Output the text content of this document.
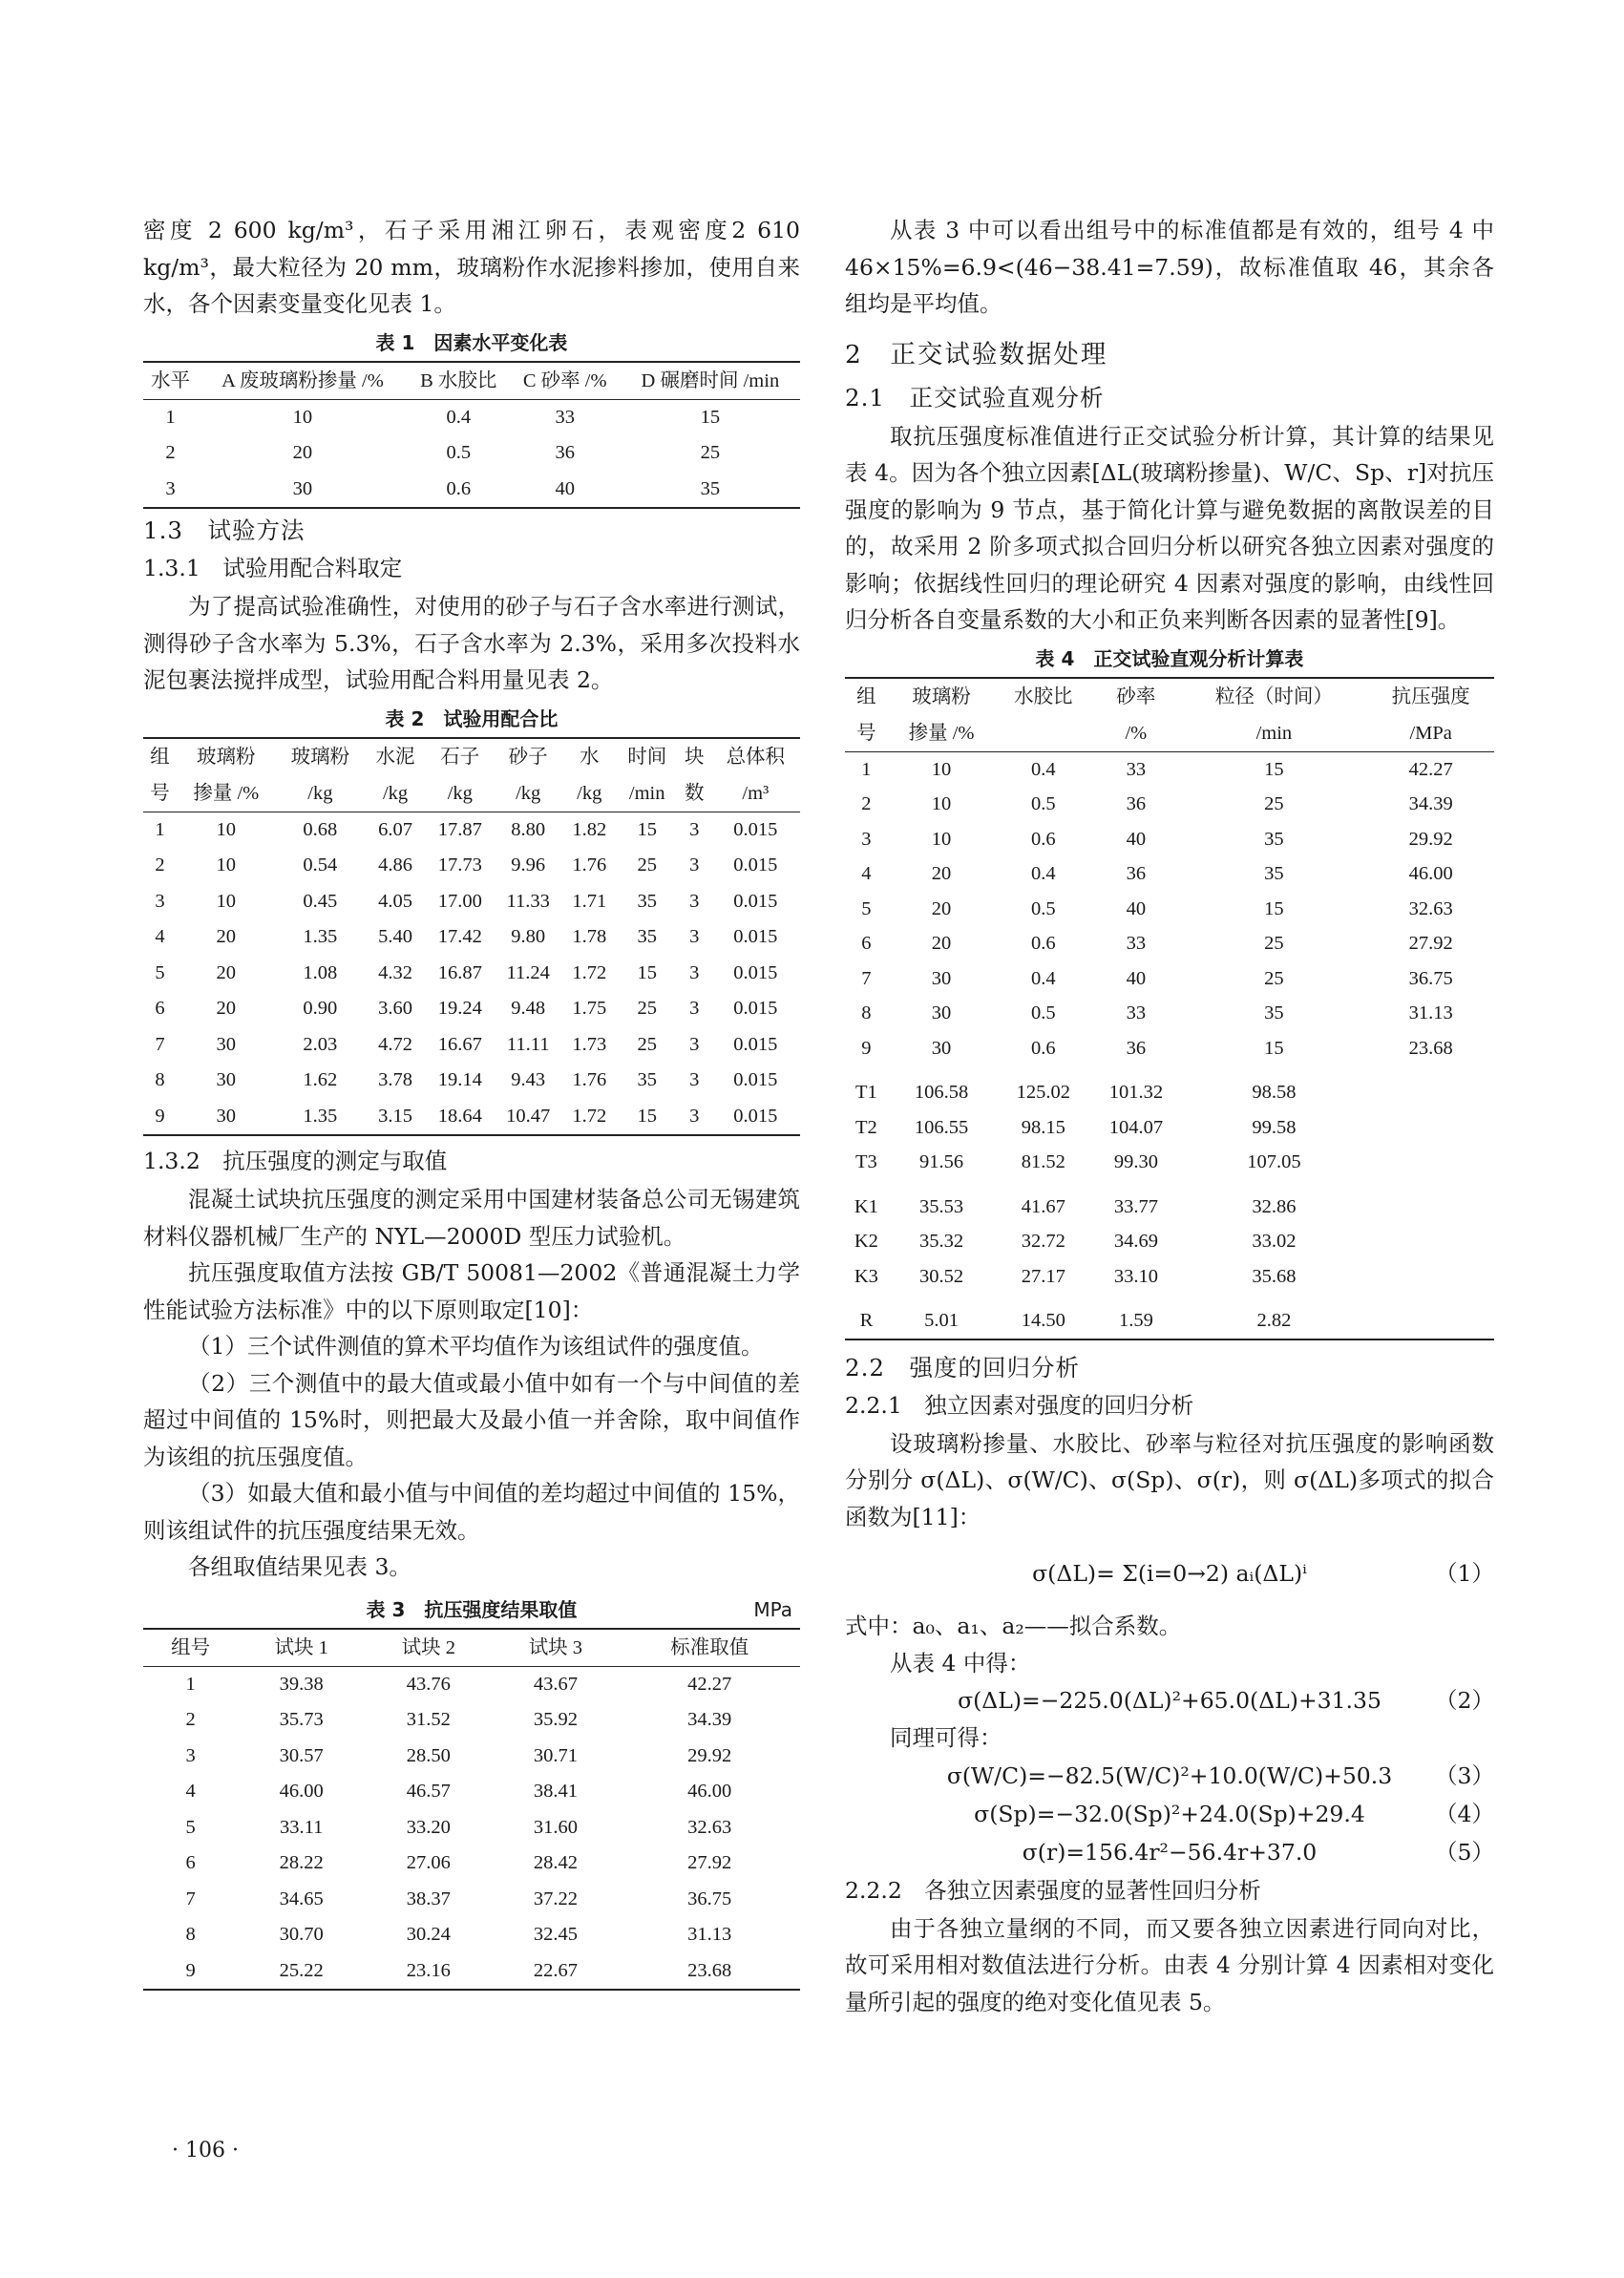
密度 2 600 kg/m³，石子采用湘江卵石，表观密度2 610 kg/m³，最大粒径为 20 mm，玻璃粉作水泥掺料掺加，使用自来水，各个因素变量变化见表 1。

表 1　因素水平变化表
水平	A 废玻璃粉掺量 /%	B 水胶比	C 砂率 /%	D 碾磨时间 /min
1	10	0.4	33	15
2	20	0.5	36	25
3	30	0.6	40	35
1.3　试验方法
1.3.1　试验用配合料取定

为了提高试验准确性，对使用的砂子与石子含水率进行测试，测得砂子含水率为 5.3%，石子含水率为 2.3%，采用多次投料水泥包裹法搅拌成型，试验用配合料用量见表 2。

表 2　试验用配合比
组	玻璃粉	玻璃粉	水泥	石子	砂子	水	时间	块	总体积
号	掺量 /%	/kg	/kg	/kg	/kg	/kg	/min	数	/m³
1	10	0.68	6.07	17.87	8.80	1.82	15	3	0.015
2	10	0.54	4.86	17.73	9.96	1.76	25	3	0.015
3	10	0.45	4.05	17.00	11.33	1.71	35	3	0.015
4	20	1.35	5.40	17.42	9.80	1.78	35	3	0.015
5	20	1.08	4.32	16.87	11.24	1.72	15	3	0.015
6	20	0.90	3.60	19.24	9.48	1.75	25	3	0.015
7	30	2.03	4.72	16.67	11.11	1.73	25	3	0.015
8	30	1.62	3.78	19.14	9.43	1.76	35	3	0.015
9	30	1.35	3.15	18.64	10.47	1.72	15	3	0.015
1.3.2　抗压强度的测定与取值

混凝土试块抗压强度的测定采用中国建材装备总公司无锡建筑材料仪器机械厂生产的 NYL—2000D 型压力试验机。

抗压强度取值方法按 GB/T 50081—2002《普通混凝土力学性能试验方法标准》中的以下原则取定[10]：

（1）三个试件测值的算术平均值作为该组试件的强度值。

（2）三个测值中的最大值或最小值中如有一个与中间值的差超过中间值的 15%时，则把最大及最小值一并舍除，取中间值作为该组的抗压强度值。

（3）如最大值和最小值与中间值的差均超过中间值的 15%，则该组试件的抗压强度结果无效。

各组取值结果见表 3。

表 3　抗压强度结果取值	MPa
组号	试块 1	试块 2	试块 3	标准取值
1	39.38	43.76	43.67	42.27
2	35.73	31.52	35.92	34.39
3	30.57	28.50	30.71	29.92
4	46.00	46.57	38.41	46.00
5	33.11	33.20	31.60	32.63
6	28.22	27.06	28.42	27.92
7	34.65	38.37	37.22	36.75
8	30.70	30.24	32.45	31.13
9	25.22	23.16	22.67	23.68

从表 3 中可以看出组号中的标准值都是有效的，组号 4 中 46×15%=6.9<(46−38.41=7.59)，故标准值取 46，其余各组均是平均值。

2　正交试验数据处理
2.1　正交试验直观分析

取抗压强度标准值进行正交试验分析计算，其计算的结果见表 4。因为各个独立因素[ΔL(玻璃粉掺量)、W/C、Sp、r]对抗压强度的影响为 9 节点，基于简化计算与避免数据的离散误差的目的，故采用 2 阶多项式拟合回归分析以研究各独立因素对强度的影响；依据线性回归的理论研究 4 因素对强度的影响，由线性回归分析各自变量系数的大小和正负来判断各因素的显著性[9]。

表 4　正交试验直观分析计算表
组	玻璃粉	水胶比	砂率	粒径（时间）	抗压强度
号	掺量 /%		/%	/min	/MPa
1	10	0.4	33	15	42.27
2	10	0.5	36	25	34.39
3	10	0.6	40	35	29.92
4	20	0.4	36	35	46.00
5	20	0.5	40	15	32.63
6	20	0.6	33	25	27.92
7	30	0.4	40	25	36.75
8	30	0.5	33	35	31.13
9	30	0.6	36	15	23.68
T1	106.58	125.02	101.32	98.58	
T2	106.55	98.15	104.07	99.58	
T3	91.56	81.52	99.30	107.05	
K1	35.53	41.67	33.77	32.86	
K2	35.32	32.72	34.69	33.02	
K3	30.52	27.17	33.10	35.68	
R	5.01	14.50	1.59	2.82	
2.2　强度的回归分析
2.2.1　独立因素对强度的回归分析

设玻璃粉掺量、水胶比、砂率与粒径对抗压强度的影响函数分别分 σ(ΔL)、σ(W/C)、σ(Sp)、σ(r)，则 σ(ΔL)多项式的拟合函数为[11]：

σ(ΔL)= Σ(i=0→2) aᵢ(ΔL)ⁱ	（1）

式中：a₀、a₁、a₂——拟合系数。

从表 4 中得：

σ(ΔL)=−225.0(ΔL)²+65.0(ΔL)+31.35	（2）

同理可得：

σ(W/C)=−82.5(W/C)²+10.0(W/C)+50.3	（3）
σ(Sp)=−32.0(Sp)²+24.0(Sp)+29.4	（4）
σ(r)=156.4r²−56.4r+37.0	（5）
2.2.2　各独立因素强度的显著性回归分析

由于各独立量纲的不同，而又要各独立因素进行同向对比，故可采用相对数值法进行分析。由表 4 分别计算 4 因素相对变化量所引起的强度的绝对变化值见表 5。

· 106 ·
